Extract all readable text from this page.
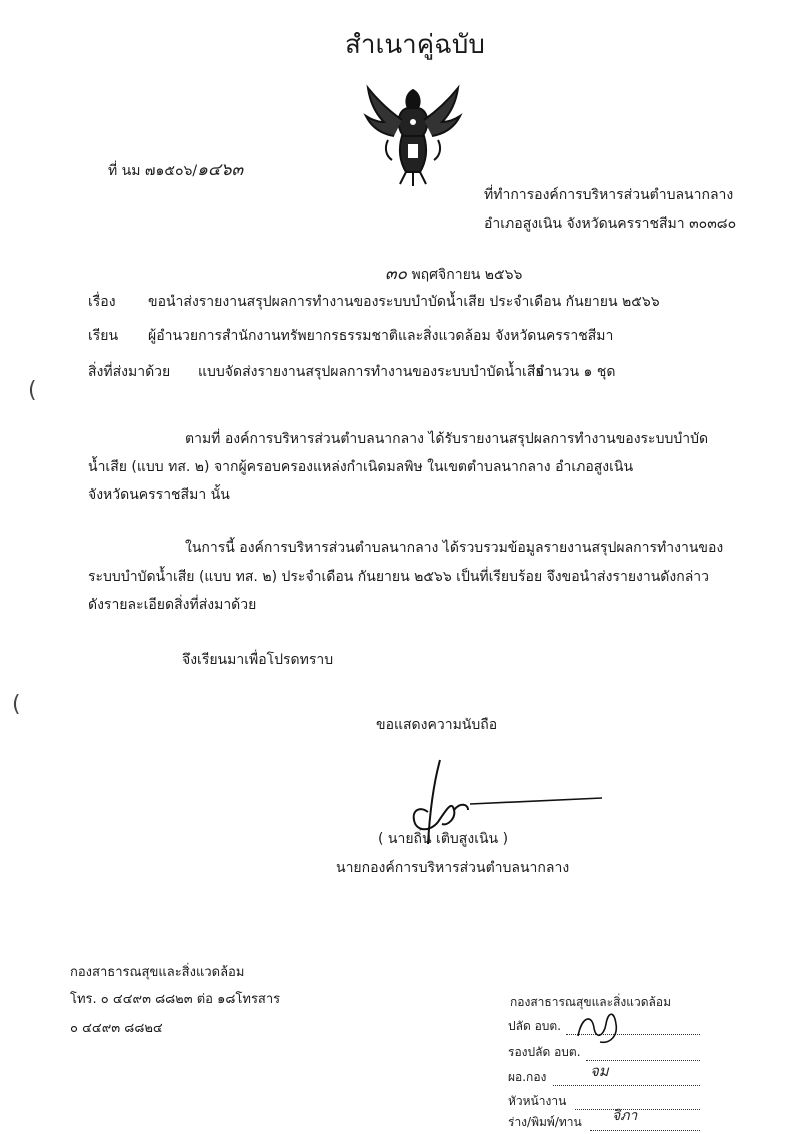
สำเนาคู่ฉบับ
ที่ นม ๗๑๕๐๖/๑๔๖๓
ที่ทำการองค์การบริหารส่วนตำบลนากลาง
อำเภอสูงเนิน จังหวัดนครราชสีมา ๓๐๓๘๐
๓๐ พฤศจิกายน ๒๕๖๖
เรื่อง ขอนำส่งรายงานสรุปผลการทำงานของระบบบำบัดน้ำเสีย ประจำเดือน กันยายน ๒๕๖๖
เรียน ผู้อำนวยการสำนักงานทรัพยากรธรรมชาติและสิ่งแวดล้อม จังหวัดนครราชสีมา
สิ่งที่ส่งมาด้วย แบบจัดส่งรายงานสรุปผลการทำงานของระบบบำบัดน้ำเสีย
จำนวน ๑ ชุด
ตามที่ องค์การบริหารส่วนตำบลนากลาง ได้รับรายงานสรุปผลการทำงานของระบบบำบัด
น้ำเสีย (แบบ ทส. ๒) จากผู้ครอบครองแหล่งกำเนิดมลพิษ ในเขตตำบลนากลาง อำเภอสูงเนิน
จังหวัดนครราชสีมา นั้น
ในการนี้ องค์การบริหารส่วนตำบลนากลาง ได้รวบรวมข้อมูลรายงานสรุปผลการทำงานของ
ระบบบำบัดน้ำเสีย (แบบ ทส. ๒) ประจำเดือน กันยายน ๒๕๖๖ เป็นที่เรียบร้อย จึงขอนำส่งรายงานดังกล่าว
ดังรายละเอียดสิ่งที่ส่งมาด้วย
จึงเรียนมาเพื่อโปรดทราบ
ขอแสดงความนับถือ
( นายถิ่น เติบสูงเนิน )
นายกองค์การบริหารส่วนตำบลนากลาง
กองสาธารณสุขและสิ่งแวดล้อม
โทร. ๐ ๔๔๙๓ ๘๘๒๓ ต่อ ๑๘โทรสาร
๐ ๔๔๙๓ ๘๘๒๔
กองสาธารณสุขและสิ่งแวดล้อม
ปลัด อบต.
รองปลัด อบต.
ผอ.กอง	จม
หัวหน้างาน
ร่าง/พิมพ์/ทาน จิภา
(
(
